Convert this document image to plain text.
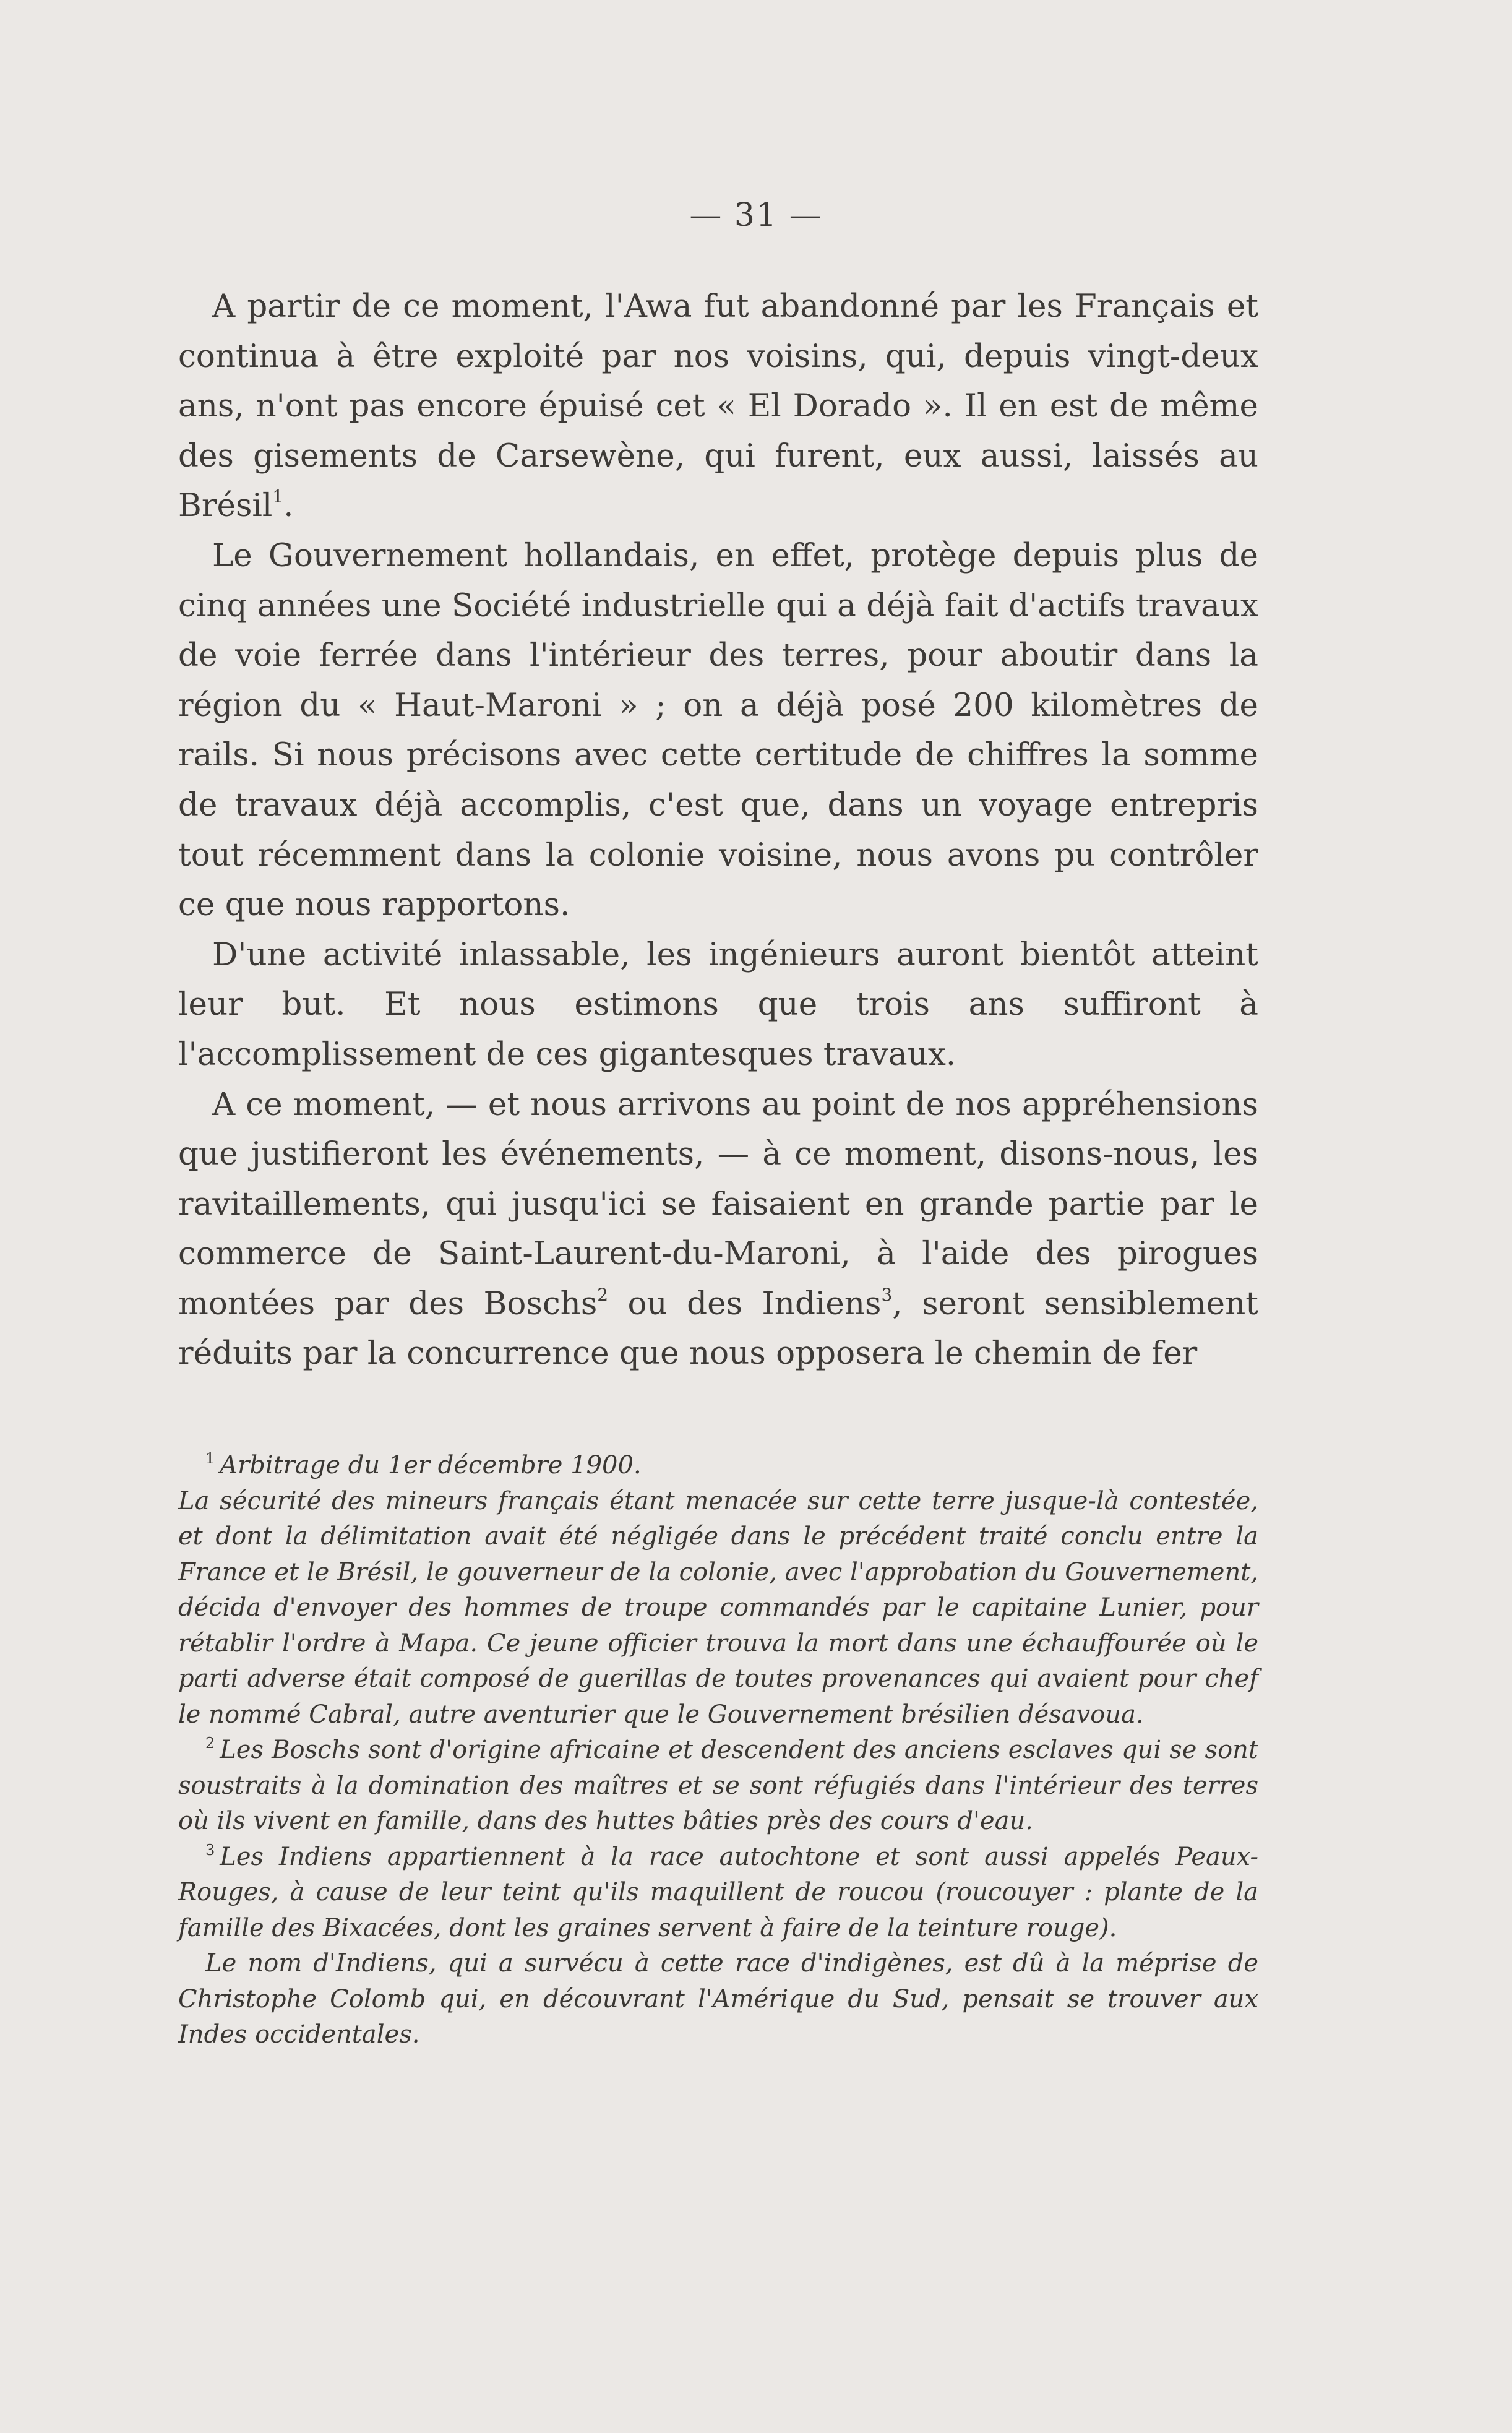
— 31 —

A partir de ce moment, l'Awa fut abandonné par les Français et continua à être exploité par nos voisins, qui, depuis vingt-deux ans, n'ont pas encore épuisé cet « El Dorado ». Il en est de même des gisements de Carsewène, qui furent, eux aussi, laissés au Brésil$^1$.

Le Gouvernement hollandais, en effet, protège depuis plus de cinq années une Société industrielle qui a déjà fait d'actifs travaux de voie ferrée dans l'intérieur des terres, pour aboutir dans la région du « Haut-Maroni » ; on a déjà posé 200 kilomètres de rails. Si nous précisons avec cette certitude de chiffres la somme de travaux déjà accomplis, c'est que, dans un voyage entrepris tout récemment dans la colonie voisine, nous avons pu contrôler ce que nous rapportons.

D'une activité inlassable, les ingénieurs auront bientôt atteint leur but. Et nous estimons que trois ans suffiront à l'accomplissement de ces gigantesques travaux.

A ce moment, — et nous arrivons au point de nos appréhensions que justifieront les événements, — à ce moment, disons-nous, les ravitaillements, qui jusqu'ici se faisaient en grande partie par le commerce de Saint-Laurent-du-Maroni, à l'aide des pirogues montées par des Boschs$^2$ ou des Indiens$^3$, seront sensiblement réduits par la concurrence que nous opposera le chemin de fer

$^1$ Arbitrage du 1er décembre 1900.

La sécurité des mineurs français étant menacée sur cette terre jusque-là contestée, et dont la délimitation avait été négligée dans le précédent traité conclu entre la France et le Brésil, le gouverneur de la colonie, avec l'approbation du Gouvernement, décida d'envoyer des hommes de troupe commandés par le capitaine Lunier, pour rétablir l'ordre à Mapa. Ce jeune officier trouva la mort dans une échauffourée où le parti adverse était composé de guerillas de toutes provenances qui avaient pour chef le nommé Cabral, autre aventurier que le Gouvernement brésilien désavoua.

$^2$ Les Boschs sont d'origine africaine et descendent des anciens esclaves qui se sont soustraits à la domination des maîtres et se sont réfugiés dans l'intérieur des terres où ils vivent en famille, dans des huttes bâties près des cours d'eau.

$^3$ Les Indiens appartiennent à la race autochtone et sont aussi appelés Peaux-Rouges, à cause de leur teint qu'ils maquillent de roucou (roucouyer : plante de la famille des Bixacées, dont les graines servent à faire de la teinture rouge).

Le nom d'Indiens, qui a survécu à cette race d'indigènes, est dû à la méprise de Christophe Colomb qui, en découvrant l'Amérique du Sud, pensait se trouver aux Indes occidentales.
